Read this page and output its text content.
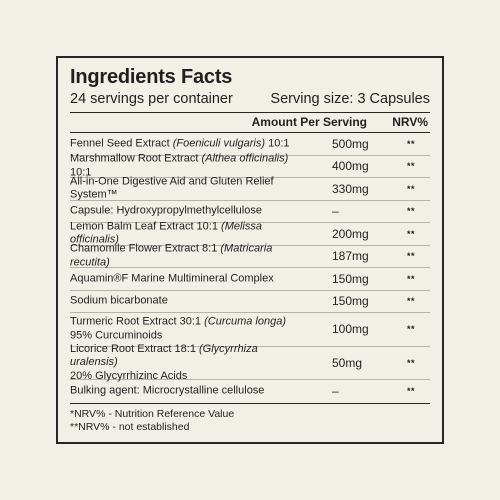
Ingredients Facts
24 servings per container	Serving size: 3 Capsules
Amount Per Serving NRV%
Fennel Seed Extract (Foeniculi vulgaris) 10:1	500mg	**
Marshmallow Root Extract (Althea officinalis) 10:1	400mg	**
All-in-One Digestive Aid and Gluten Relief System™	330mg	**
Capsule: Hydroxypropylmethylcellulose	–	**
Lemon Balm Leaf Extract 10:1 (Melissa officinalis)	200mg	**
Chamomile Flower Extract 8:1 (Matricaria recutita)	187mg	**
Aquamin®F Marine Multimineral Complex	150mg	**
Sodium bicarbonate	150mg	**
Turmeric Root Extract 30:1 (Curcuma longa)
95% Curcuminoids	100mg	**
Licorice Root Extract 18:1 (Glycyrrhiza uralensis)
20% Glycyrrhizinc Acids
50mg	**
Bulking agent: Microcrystalline cellulose	–	**
*NRV% - Nutrition Reference Value
**NRV% - not established
